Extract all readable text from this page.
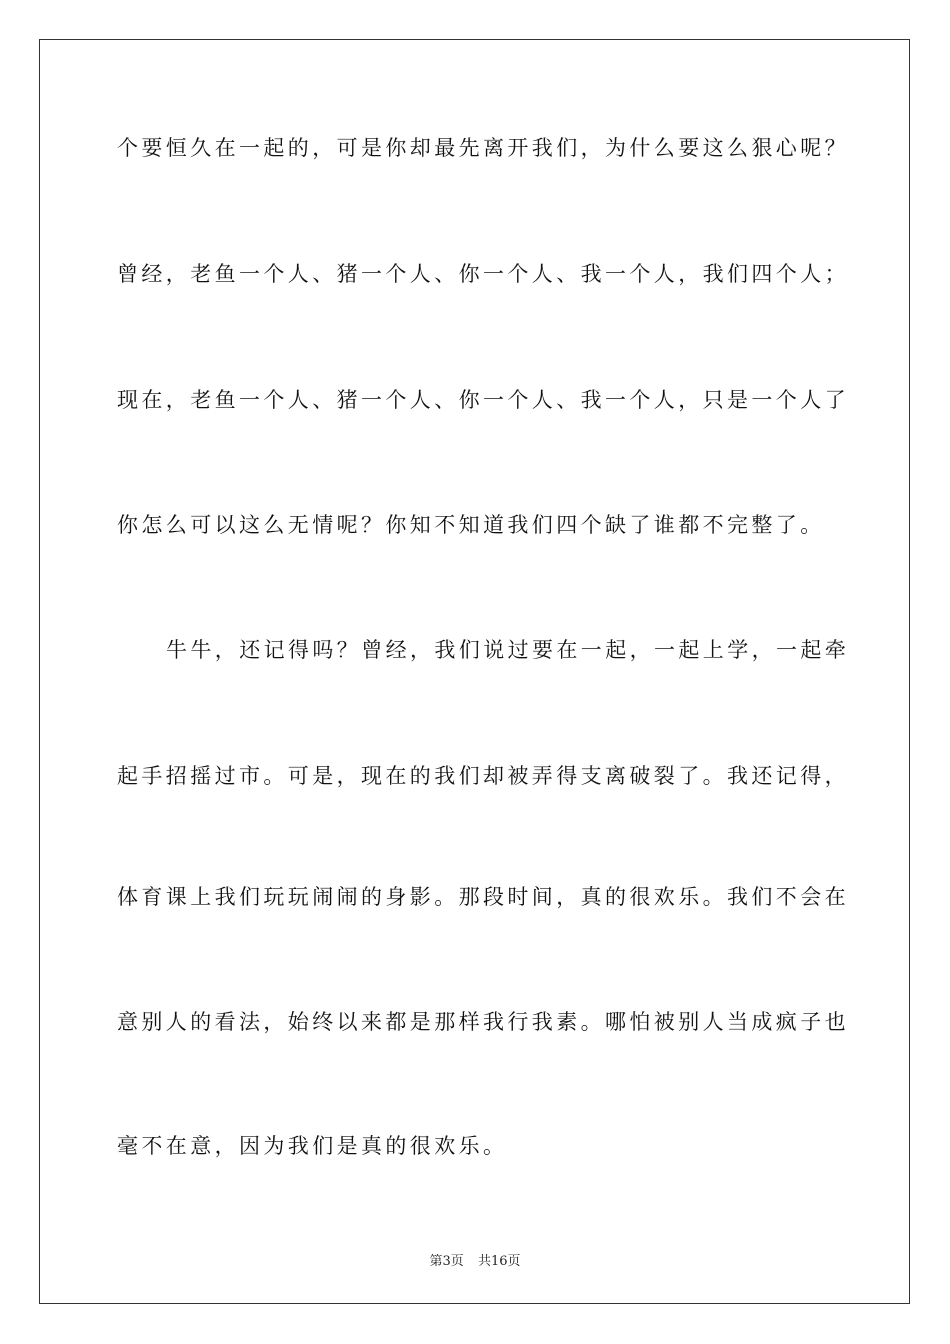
个要恒久在一起的，可是你却最先离开我们，为什么要这么狠心呢？
曾经，老鱼一个人、猪一个人、你一个人、我一个人，我们四个人；
现在，老鱼一个人、猪一个人、你一个人、我一个人，只是一个人了
你怎么可以这么无情呢？你知不知道我们四个缺了谁都不完整了。
牛牛，还记得吗？曾经，我们说过要在一起，一起上学，一起牵
起手招摇过市。可是，现在的我们却被弄得支离破裂了。我还记得，
体育课上我们玩玩闹闹的身影。那段时间，真的很欢乐。我们不会在
意别人的看法，始终以来都是那样我行我素。哪怕被别人当成疯子也
毫不在意，因为我们是真的很欢乐。
第3页 共16页
